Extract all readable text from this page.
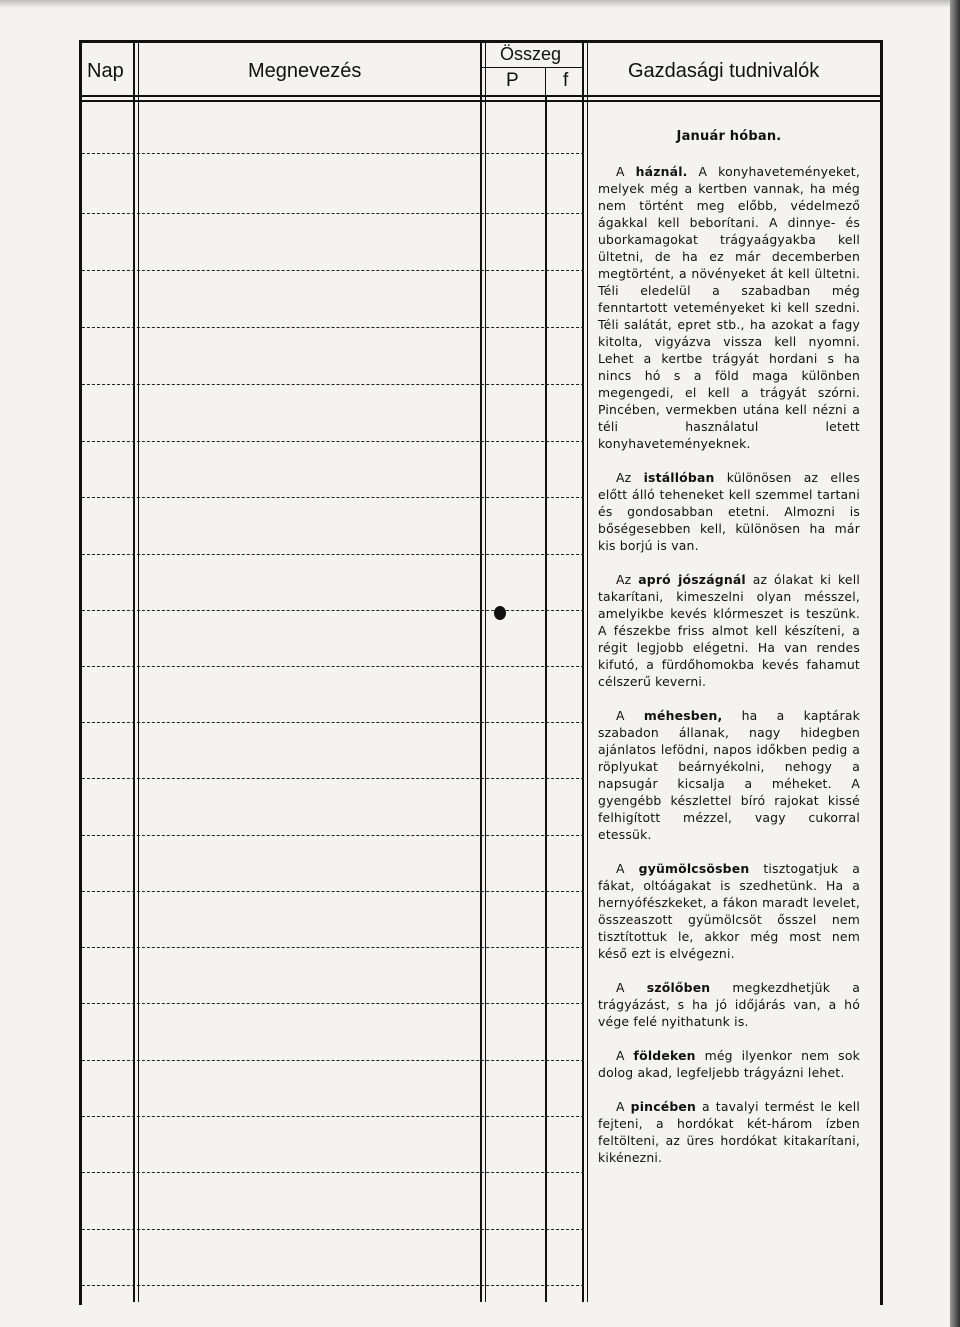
Nap	Megnevezés
Összeg
P f	Gazdasági tudnivalók
Január hóban.

A háznál. A konyhaveteményeket, melyek még a kertben vannak, ha még nem történt meg előbb, védelmező ágakkal kell beborítani. A dinnye- és uborkamagokat trágyaágyakba kell ültetni, de ha ez már decemberben megtörtént, a növényeket át kell ültetni. Téli eledelül a szabadban még fenntartott veteményeket ki kell szedni. Téli salátát, epret stb., ha azokat a fagy kitolta, vigyázva vissza kell nyomni. Lehet a kertbe trágyát hordani s ha nincs hó s a föld maga különben megengedi, el kell a trágyát szórni. Pincében, vermekben utána kell nézni a téli használatul letett konyhaveteményeknek.

Az istállóban különösen az elles előtt álló teheneket kell szemmel tartani és gondosabban etetni. Almozni is bőségesebben kell, különösen ha már kis borjú is van.

Az apró jószágnál az ólakat ki kell takarítani, kimeszelni olyan mésszel, amelyikbe kevés klórmeszet is teszünk. A fészekbe friss almot kell készíteni, a régit legjobb elégetni. Ha van rendes kifutó, a fürdőhomokba kevés fahamut célszerű keverni.

A méhesben, ha a kaptárak szabadon állanak, nagy hidegben ajánlatos lefödni, napos időkben pedig a röplyukat beárnyékolni, nehogy a napsugár kicsalja a méheket. A gyengébb készlettel bíró rajokat kissé felhigított mézzel, vagy cukorral etessük.

A gyümölcsösben tisztogatjuk a fákat, oltóágakat is szedhetünk. Ha a hernyófészkeket, a fákon maradt levelet, összeaszott gyümölcsöt ősszel nem tisztítottuk le, akkor még most nem késő ezt is elvégezni.

A szőlőben megkezdhetjük a trágyázást, s ha jó időjárás van, a hó vége felé nyithatunk is.

A földeken még ilyenkor nem sok dolog akad, legfeljebb trágyázni lehet.

A pincében a tavalyi termést le kell fejteni, a hordókat két-három ízben feltölteni, az üres hordókat kitakarítani, kikénezni.
